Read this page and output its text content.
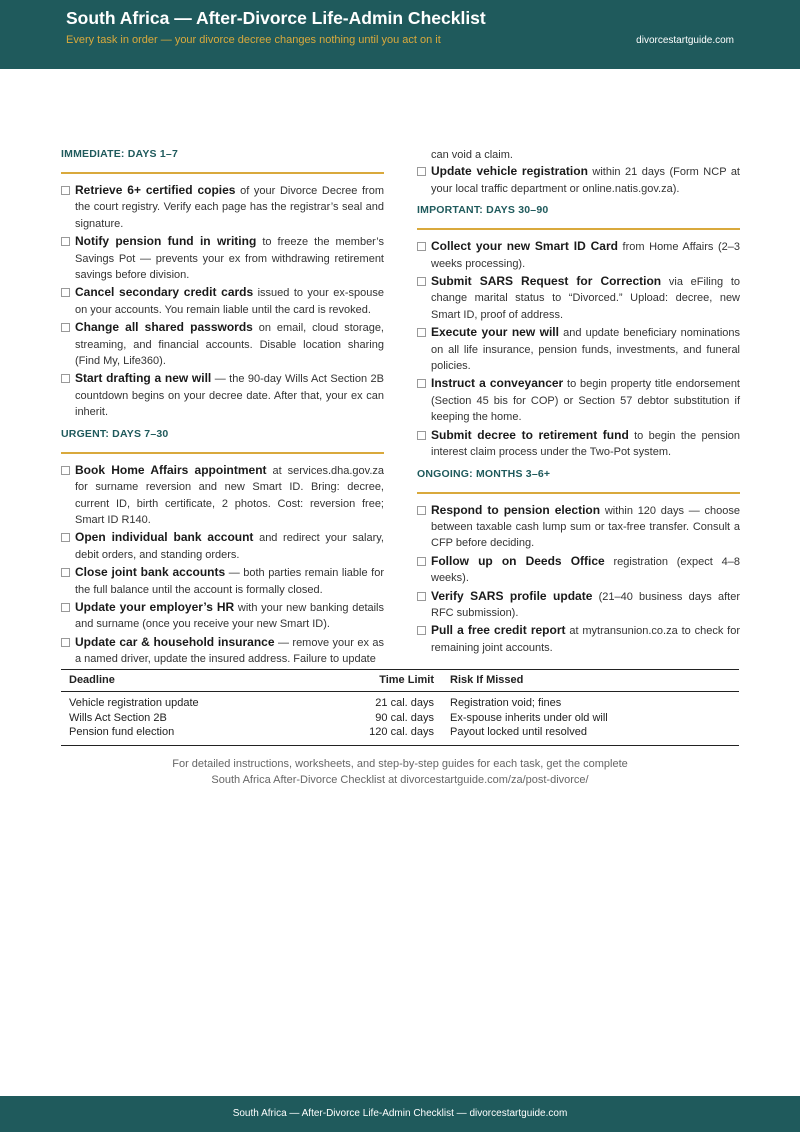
South Africa — After-Divorce Life-Admin Checklist
Every task in order — your divorce decree changes nothing until you act on it	divorcestartguide.com
IMMEDIATE: DAYS 1–7
Retrieve 6+ certified copies of your Divorce Decree from the court registry. Verify each page has the registrar’s seal and signature.
Notify pension fund in writing to freeze the member’s Savings Pot — prevents your ex from withdrawing retirement savings before division.
Cancel secondary credit cards issued to your ex-spouse on your accounts. You remain liable until the card is revoked.
Change all shared passwords on email, cloud storage, streaming, and financial accounts. Disable location sharing (Find My, Life360).
Start drafting a new will — the 90-day Wills Act Section 2B countdown begins on your decree date. After that, your ex can inherit.
URGENT: DAYS 7–30
Book Home Affairs appointment at services.dha.gov.za for surname reversion and new Smart ID. Bring: decree, current ID, birth certificate, 2 photos. Cost: reversion free; Smart ID R140.
Open individual bank account and redirect your salary, debit orders, and standing orders.
Close joint bank accounts — both parties remain liable for the full balance until the account is formally closed.
Update your employer’s HR with your new banking details and surname (once you receive your new Smart ID).
Update car & household insurance — remove your ex as a named driver, update the insured address. Failure to update
can void a claim.
Update vehicle registration within 21 days (Form NCP at your local traffic department or online.natis.gov.za).
IMPORTANT: DAYS 30–90
Collect your new Smart ID Card from Home Affairs (2–3 weeks processing).
Submit SARS Request for Correction via eFiling to change marital status to “Divorced.” Upload: decree, new Smart ID, proof of address.
Execute your new will and update beneficiary nominations on all life insurance, pension funds, investments, and funeral policies.
Instruct a conveyancer to begin property title endorsement (Section 45 bis for COP) or Section 57 debtor substitution if keeping the home.
Submit decree to retirement fund to begin the pension interest claim process under the Two-Pot system.
ONGOING: MONTHS 3–6+
Respond to pension election within 120 days — choose between taxable cash lump sum or tax-free transfer. Consult a CFP before deciding.
Follow up on Deeds Office registration (expect 4–8 weeks).
Verify SARS profile update (21–40 business days after RFC submission).
Pull a free credit report at mytransunion.co.za to check for remaining joint accounts.
Deadline	Time Limit	Risk If Missed
Vehicle registration update	21 cal. days	Registration void; fines
Wills Act Section 2B	90 cal. days	Ex-spouse inherits under old will
Pension fund election	120 cal. days	Payout locked until resolved
For detailed instructions, worksheets, and step-by-step guides for each task, get the complete
South Africa After-Divorce Checklist at divorcestartguide.com/za/post-divorce/
South Africa — After-Divorce Life-Admin Checklist — divorcestartguide.com
